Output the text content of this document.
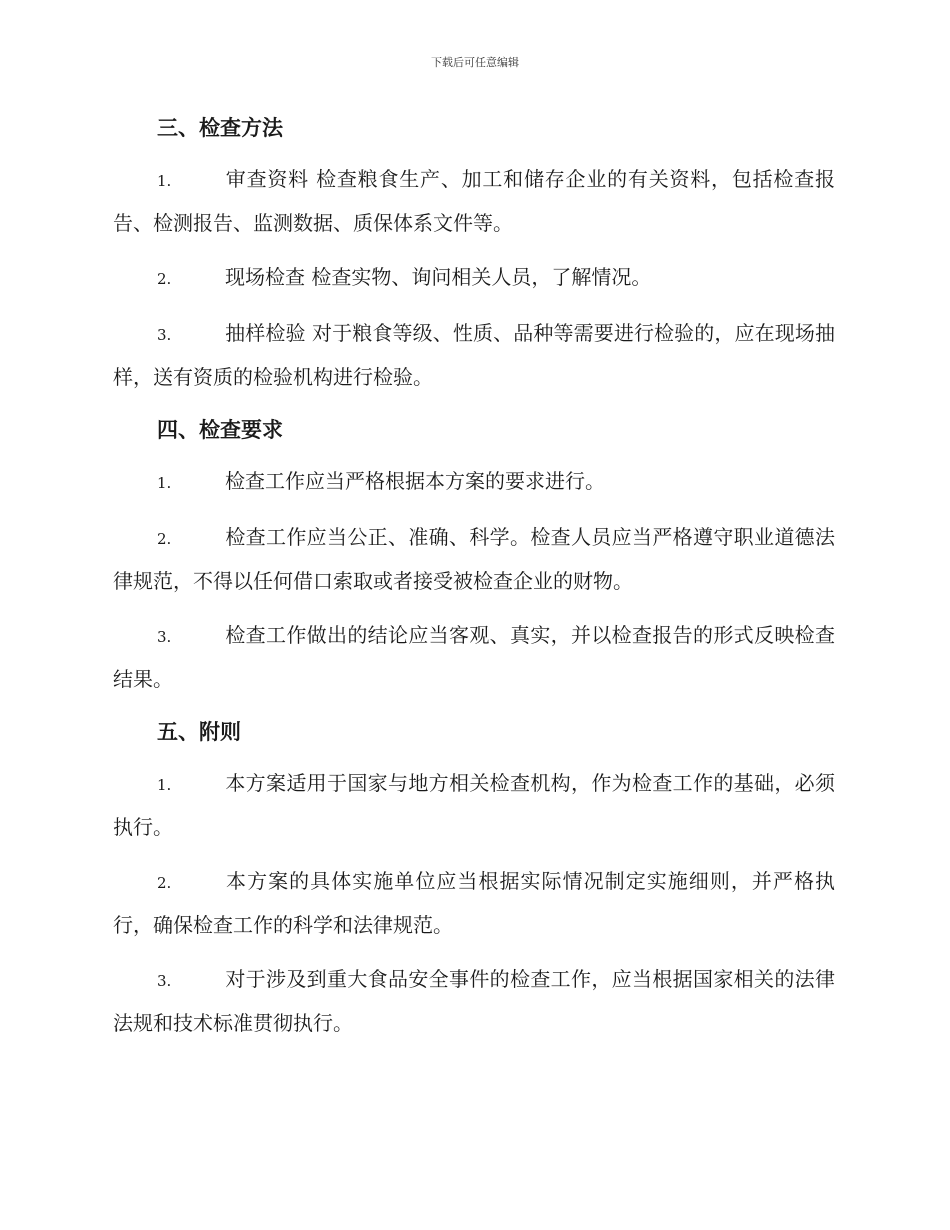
下载后可任意编辑
三、检查方法

1.	审查资料 检查粮食生产、加工和储存企业的有关资料，包括检查报告、检测报告、监测数据、质保体系文件等。

2.	现场检查 检查实物、询问相关人员，了解情况。

3.	抽样检验 对于粮食等级、性质、品种等需要进行检验的，应在现场抽样，送有资质的检验机构进行检验。

四、检查要求

1.	检查工作应当严格根据本方案的要求进行。

2.	检查工作应当公正、准确、科学。检查人员应当严格遵守职业道德法律规范，不得以任何借口索取或者接受被检查企业的财物。

3.	检查工作做出的结论应当客观、真实，并以检查报告的形式反映检查结果。

五、附则

1.	本方案适用于国家与地方相关检查机构，作为检查工作的基础，必须执行。

2.	本方案的具体实施单位应当根据实际情况制定实施细则，并严格执行，确保检查工作的科学和法律规范。

3.	对于涉及到重大食品安全事件的检查工作，应当根据国家相关的法律法规和技术标准贯彻执行。
